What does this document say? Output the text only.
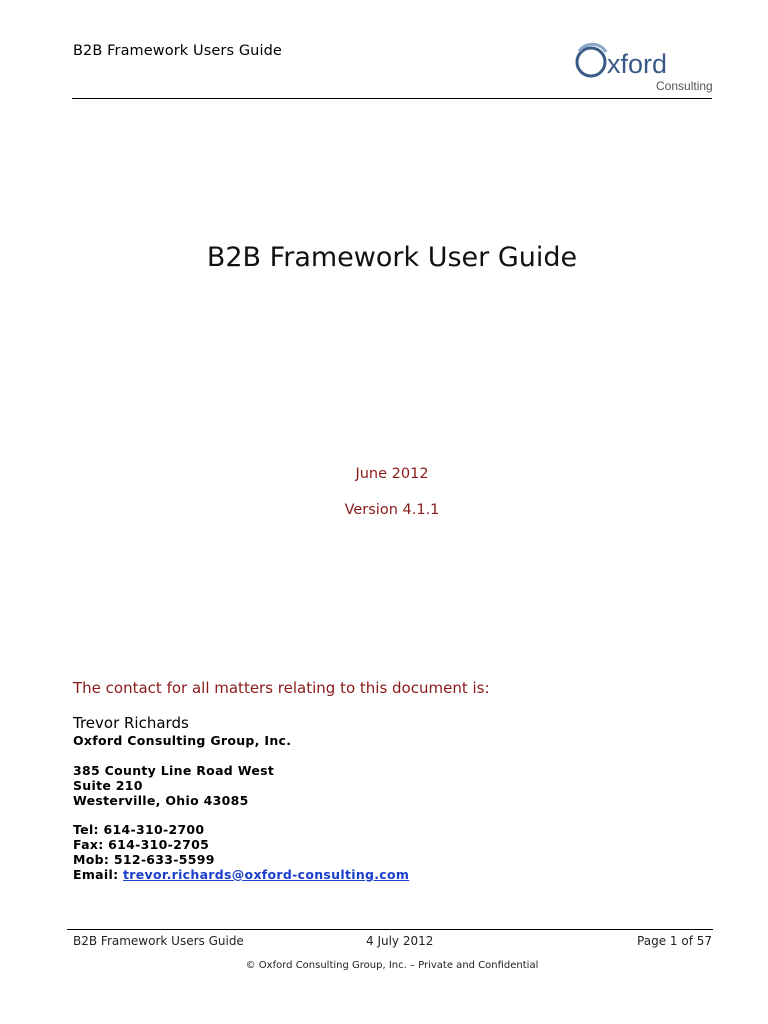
B2B Framework Users Guide	xford
Consulting
B2B Framework User Guide
June 2012
Version 4.1.1
The contact for all matters relating to this document is:
Trevor Richards
Oxford Consulting Group, Inc.
385 County Line Road West
Suite 210
Westerville, Ohio 43085
Tel: 614-310-2700
Fax: 614-310-2705
Mob: 512-633-5599
Email: trevor.richards@oxford-consulting.com
B2B Framework Users Guide	4 July 2012	Page 1 of 57
© Oxford Consulting Group, Inc. – Private and Confidential
